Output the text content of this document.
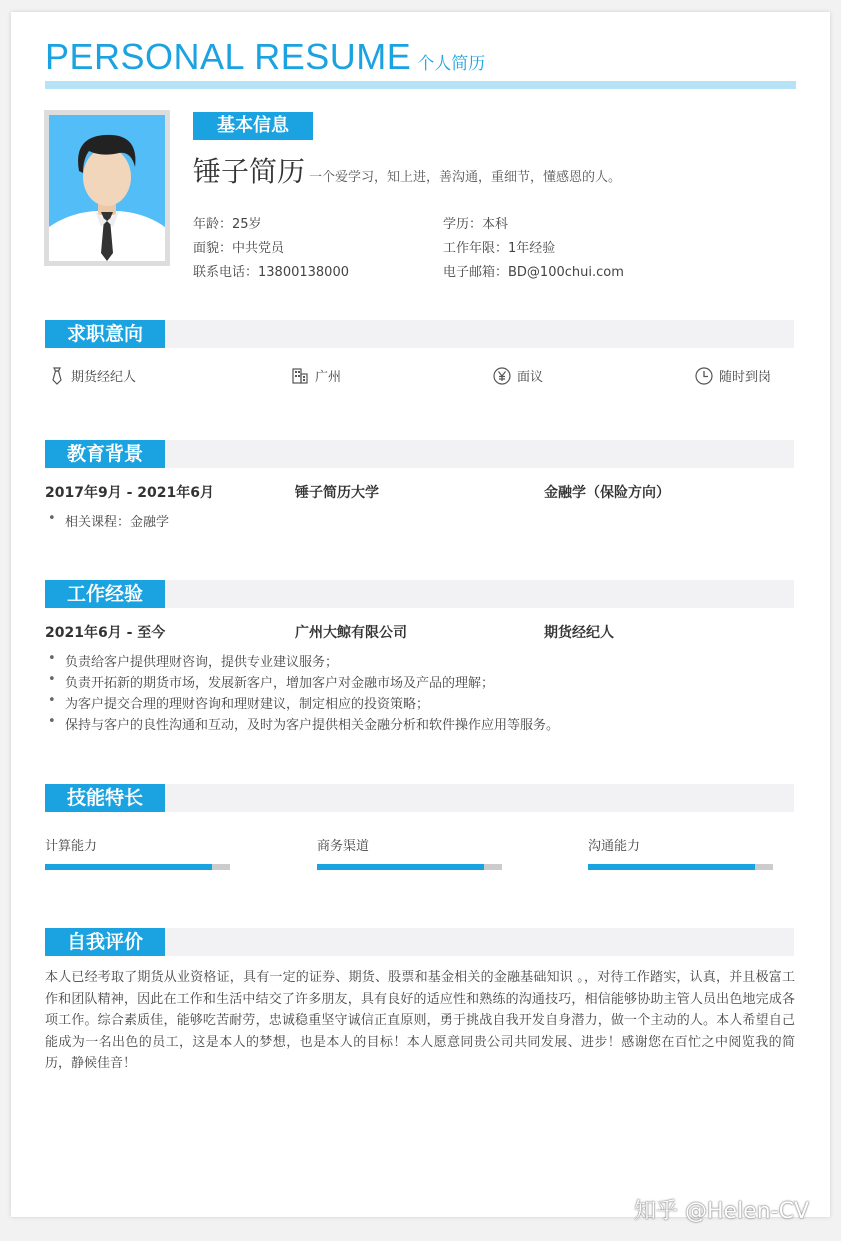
PERSONAL RESUME 个人简历
基本信息
锤子简历 一个爱学习，知上进，善沟通，重细节，懂感恩的人。
年龄：25岁	学历：本科
面貌：中共党员	工作年限：1年经验
联系电话：13800138000	电子邮箱：BD@100chui.com
求职意向
期货经纪人	广州	面议	随时到岗
教育背景
2017年9月 - 2021年6月	锤子简历大学	金融学（保险方向）
• 相关课程：金融学
工作经验
2021年6月 - 至今	广州大鲸有限公司	期货经纪人
• 负责给客户提供理财咨询，提供专业建议服务；
• 负责开拓新的期货市场，发展新客户，增加客户对金融市场及产品的理解；
• 为客户提交合理的理财咨询和理财建议，制定相应的投资策略；
• 保持与客户的良性沟通和互动，及时为客户提供相关金融分析和软件操作应用等服务。
技能特长
计算能力	商务渠道	沟通能力
自我评价
本人已经考取了期货从业资格证，具有一定的证券、期货、股票和基金相关的金融基础知识 。，对待工作踏实，认真，并且极富工作和团队精神，因此在工作和生活中结交了许多朋友，具有良好的适应性和熟练的沟通技巧，相信能够协助主管人员出色地完成各项工作。综合素质佳，能够吃苦耐劳，忠诚稳重坚守诚信正直原则，勇于挑战自我开发自身潜力，做一个主动的人。本人希望自己能成为一名出色的员工，这是本人的梦想，也是本人的目标！本人愿意同贵公司共同发展、进步！感谢您在百忙之中阅览我的简历，静候佳音！
知乎 @Helen-CV
